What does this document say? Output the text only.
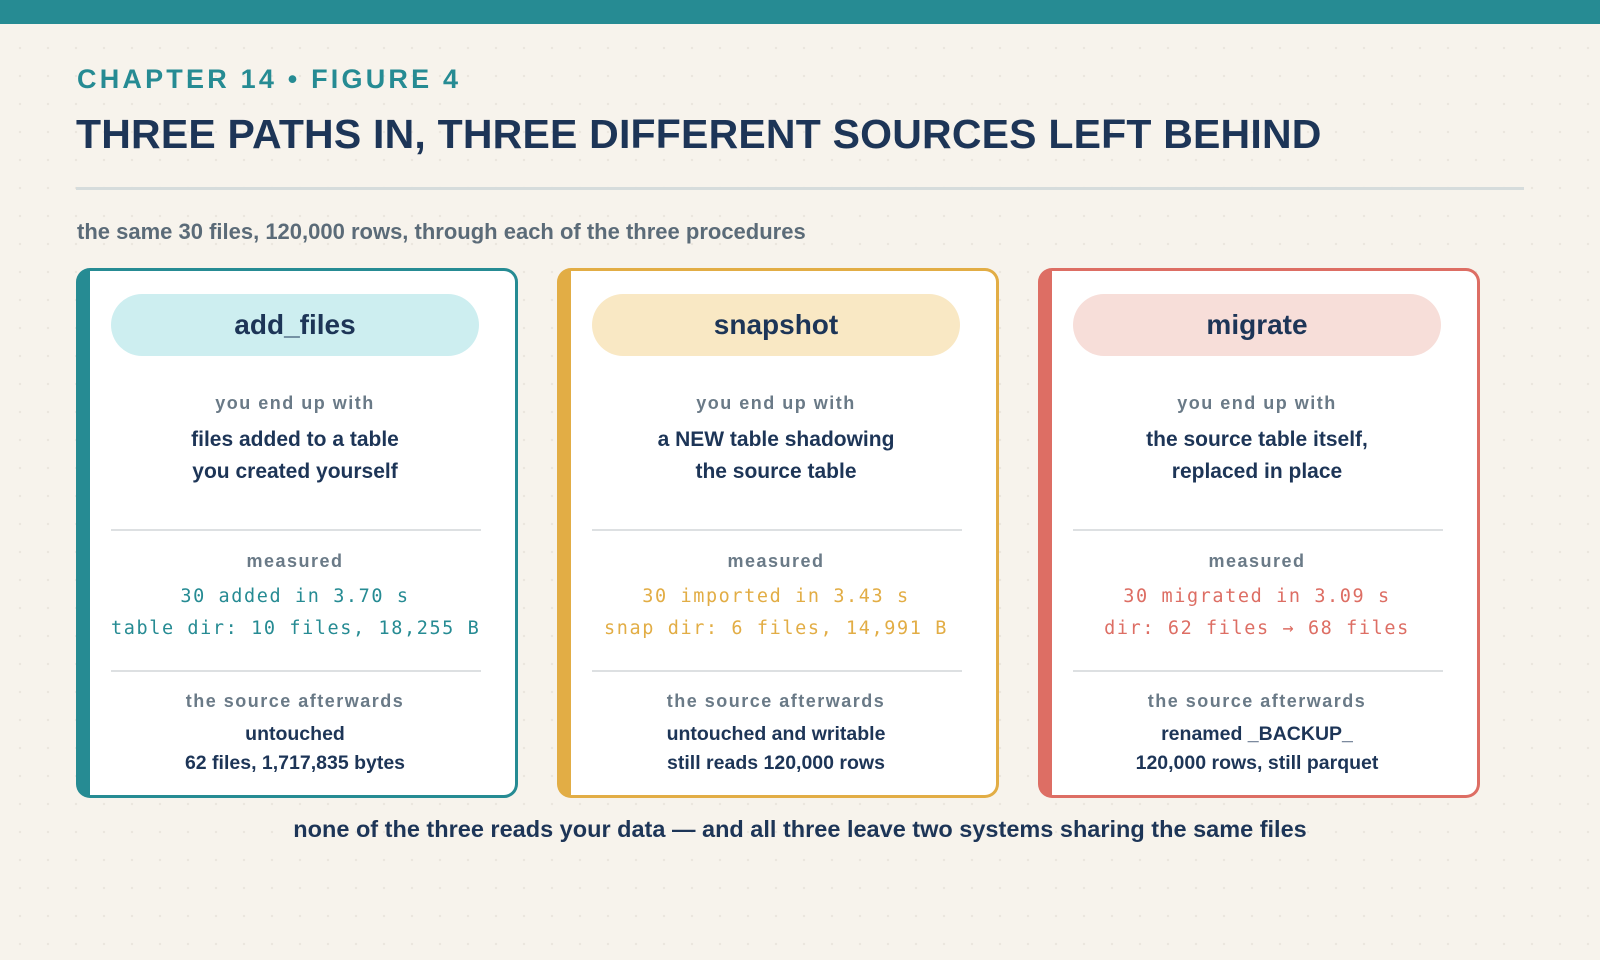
CHAPTER 14 • FIGURE 4
THREE PATHS IN, THREE DIFFERENT SOURCES LEFT BEHIND
the same 30 files, 120,000 rows, through each of the three procedures
add_files
you end up with
files added to a table
you created yourself
measured
30 added in 3.70 s
table dir: 10 files, 18,255 B
the source afterwards
untouched
62 files, 1,717,835 bytes
snapshot
you end up with
a NEW table shadowing
the source table
measured
30 imported in 3.43 s
snap dir: 6 files, 14,991 B
the source afterwards
untouched and writable
still reads 120,000 rows
migrate
you end up with
the source table itself,
replaced in place
measured
30 migrated in 3.09 s
dir: 62 files → 68 files
the source afterwards
renamed _BACKUP_
120,000 rows, still parquet
none of the three reads your data — and all three leave two systems sharing the same files
